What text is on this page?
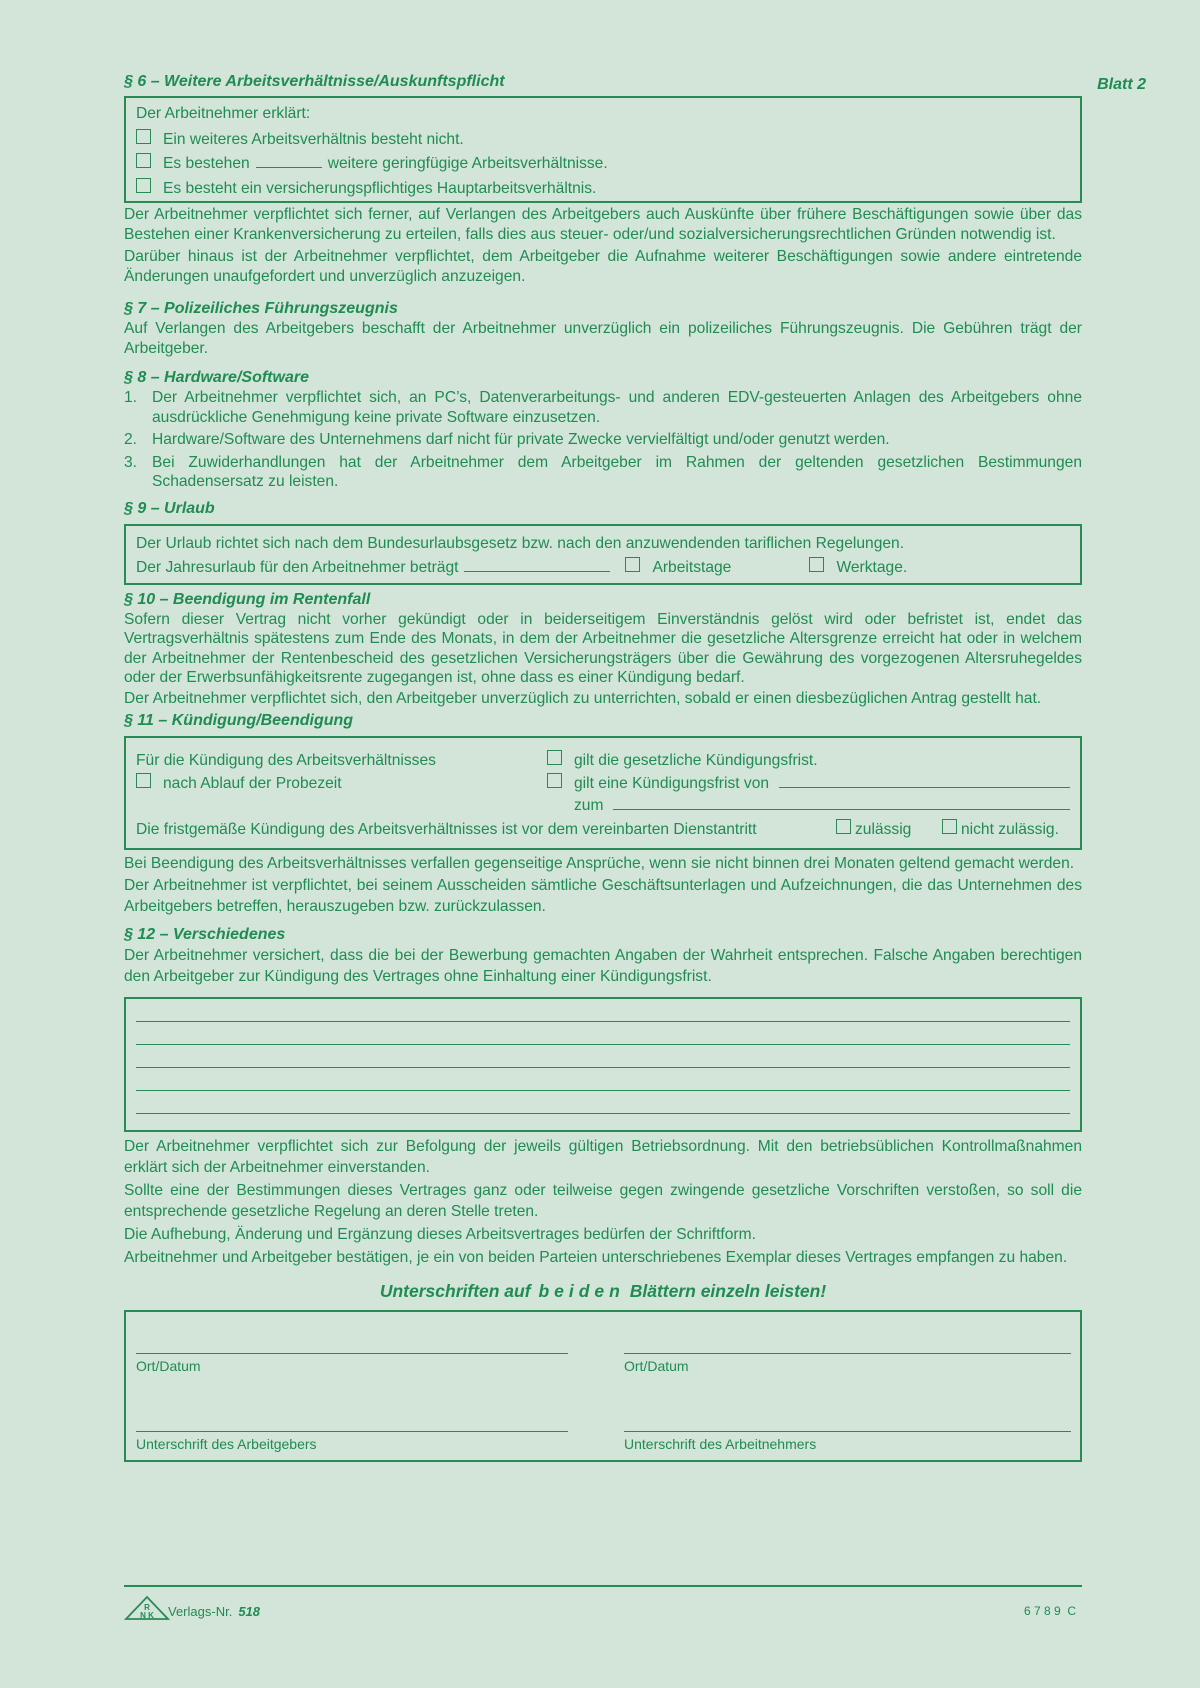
Blatt 2
§ 6 – Weitere Arbeitsverhältnisse/Auskunftspflicht
Der Arbeitnehmer erklärt:
Ein weiteres Arbeitsverhältnis besteht nicht.
Es bestehen	weitere geringfügige Arbeitsverhältnisse.
Es besteht ein versicherungspflichtiges Hauptarbeitsverhältnis.

Der Arbeitnehmer verpflichtet sich ferner, auf Verlangen des Arbeitgebers auch Auskünfte über frühere Beschäftigungen sowie über das Bestehen einer Krankenversicherung zu erteilen, falls dies aus steuer- oder/und sozialversicherungsrechtlichen Gründen notwendig ist.

Darüber hinaus ist der Arbeitnehmer verpflichtet, dem Arbeitgeber die Aufnahme weiterer Beschäftigungen sowie andere eintretende Änderungen unaufgefordert und unverzüglich anzuzeigen.

§ 7 – Polizeiliches Führungszeugnis

Auf Verlangen des Arbeitgebers beschafft der Arbeitnehmer unverzüglich ein polizeiliches Führungszeugnis. Die Gebühren trägt der Arbeitgeber.

§ 8 – Hardware/Software
1. Der Arbeitnehmer verpflichtet sich, an PC’s, Datenverarbeitungs- und anderen EDV-gesteuerten Anlagen des Arbeitgebers ohne ausdrückliche Genehmigung keine private Software einzusetzen.
2. Hardware/Software des Unternehmens darf nicht für private Zwecke vervielfältigt und/oder genutzt werden.
3. Bei Zuwiderhandlungen hat der Arbeitnehmer dem Arbeitgeber im Rahmen der geltenden gesetzlichen Bestimmungen Schadensersatz zu leisten.
§ 9 – Urlaub
Der Urlaub richtet sich nach dem Bundesurlaubsgesetz bzw. nach den anzuwendenden tariflichen Regelungen.
Der Jahresurlaub für den Arbeitnehmer beträgt	Arbeitstage	Werktage.
§ 10 – Beendigung im Rentenfall

Sofern dieser Vertrag nicht vorher gekündigt oder in beiderseitigem Einverständnis gelöst wird oder befristet ist, endet das Vertragsverhältnis spätestens zum Ende des Monats, in dem der Arbeitnehmer die gesetzliche Altersgrenze erreicht hat oder in welchem der Arbeitnehmer der Rentenbescheid des gesetzlichen Versicherungsträgers über die Gewährung des vorgezogenen Altersruhegeldes oder der Erwerbsunfähigkeitsrente zugegangen ist, ohne dass es einer Kündigung bedarf.

Der Arbeitnehmer verpflichtet sich, den Arbeitgeber unverzüglich zu unterrichten, sobald er einen diesbezüglichen Antrag gestellt hat.

§ 11 – Kündigung/Beendigung
Für die Kündigung des Arbeitsverhältnisses	gilt die gesetzliche Kündigungsfrist.
nach Ablauf der Probezeit	gilt eine Kündigungsfrist von
zum
Die fristgemäße Kündigung des Arbeitsverhältnisses ist vor dem vereinbarten Dienstantritt	zulässig	nicht zulässig.

Bei Beendigung des Arbeitsverhältnisses verfallen gegenseitige Ansprüche, wenn sie nicht binnen drei Monaten geltend gemacht werden.

Der Arbeitnehmer ist verpflichtet, bei seinem Ausscheiden sämtliche Geschäftsunterlagen und Aufzeichnungen, die das Unternehmen des Arbeitgebers betreffen, herauszugeben bzw. zurückzulassen.

§ 12 – Verschiedenes

Der Arbeitnehmer versichert, dass die bei der Bewerbung gemachten Angaben der Wahrheit entsprechen. Falsche Angaben berechtigen den Arbeitgeber zur Kündigung des Vertrages ohne Einhaltung einer Kündigungsfrist.

Der Arbeitnehmer verpflichtet sich zur Befolgung der jeweils gültigen Betriebsordnung. Mit den betriebsüblichen Kontrollmaßnahmen erklärt sich der Arbeitnehmer einverstanden.

Sollte eine der Bestimmungen dieses Vertrages ganz oder teilweise gegen zwingende gesetzliche Vorschriften verstoßen, so soll die entsprechende gesetzliche Regelung an deren Stelle treten.

Die Aufhebung, Änderung und Ergänzung dieses Arbeitsvertrages bedürfen der Schriftform.

Arbeitnehmer und Arbeitgeber bestätigen, je ein von beiden Parteien unterschriebenes Exemplar dieses Vertrages empfangen zu haben.

Unterschriften auf beiden Blättern einzeln leisten!
Ort/Datum	Ort/Datum
Unterschrift des Arbeitgebers	Unterschrift des Arbeitnehmers
R
N K Verlags-Nr. 518	6 7 8 9  C
